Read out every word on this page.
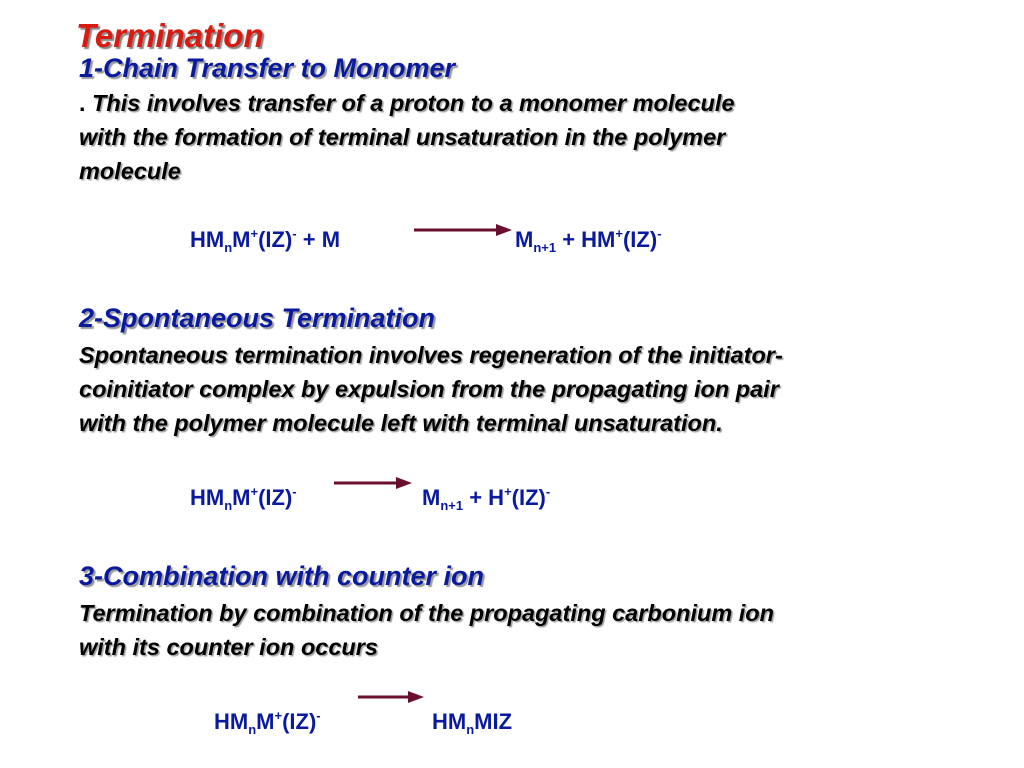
Termination
1-Chain Transfer to Monomer
. This involves transfer of a proton to a monomer molecule
with the formation of terminal unsaturation in the polymer
molecule
$HM_nM^+(IZ)^- + M$	$M_{n+1} + HM^+(IZ)^-$
2-Spontaneous Termination
Spontaneous termination involves regeneration of the initiator-
coinitiator complex by expulsion from the propagating ion pair
with the polymer molecule left with terminal unsaturation.
$HM_nM^+(IZ)^-$	$M_{n+1} + H^+(IZ)^-$
3-Combination with counter ion
Termination by combination of the propagating carbonium ion
with its counter ion occurs
$HM_nM^+(IZ)^-$	$HM_nMIZ$
